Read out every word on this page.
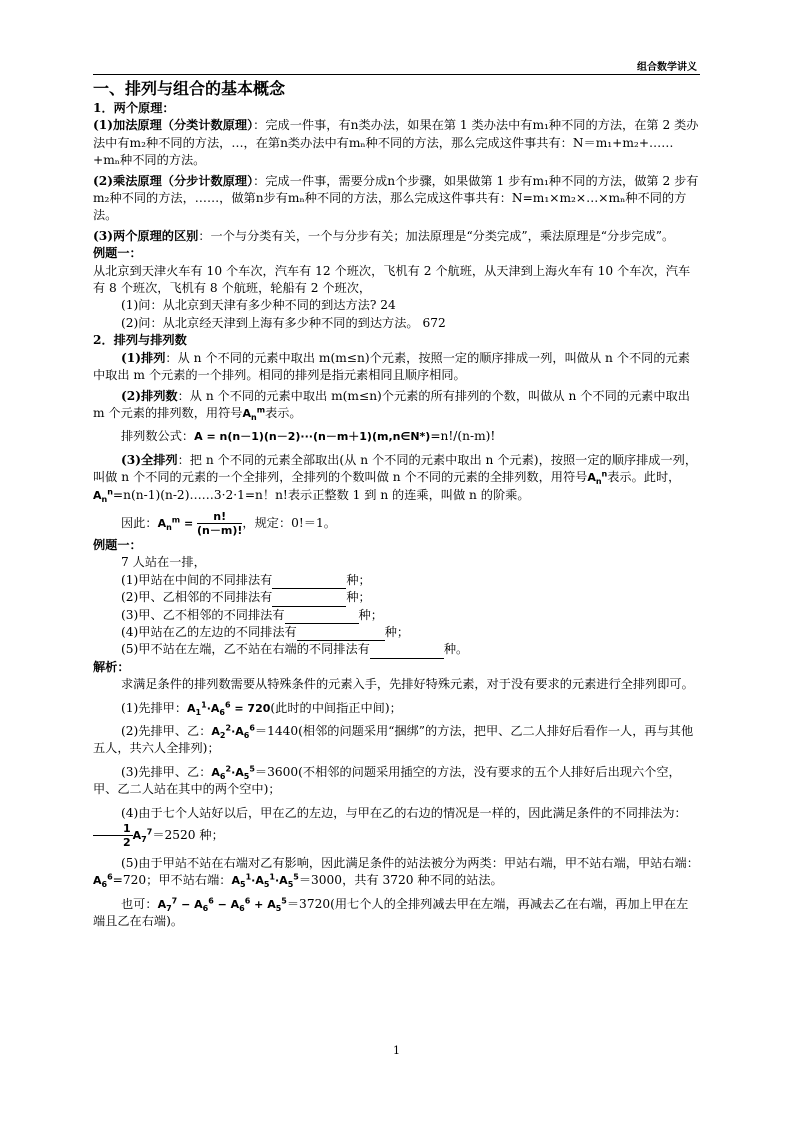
组合数学讲义

一、排列与组合的基本概念

1．两个原理：

(1)加法原理（分类计数原理）：完成一件事，有n类办法，如果在第 1 类办法中有m₁种不同的方法，在第 2 类办法中有m₂种不同的方法，…，在第n类办法中有mₙ种不同的方法，那么完成这件事共有：N＝m₁+m₂+……+mₙ种不同的方法。

(2)乘法原理（分步计数原理）：完成一件事，需要分成n个步骤，如果做第 1 步有m₁种不同的方法，做第 2 步有m₂种不同的方法，……，做第n步有mₙ种不同的方法，那么完成这件事共有：N=m₁×m₂×…×mₙ种不同的方法。

(3)两个原理的区别：一个与分类有关，一个与分步有关；加法原理是“分类完成”，乘法原理是“分步完成”。

例题一：

从北京到天津火车有 10 个车次，汽车有 12 个班次，飞机有 2 个航班，从天津到上海火车有 10 个车次，汽车有 8 个班次，飞机有 8 个航班，轮船有 2 个班次，

(1)问：从北京到天津有多少种不同的到达方法? 24

(2)问：从北京经天津到上海有多少种不同的到达方法。 672

2．排列与排列数

(1)排列：从 n 个不同的元素中取出 m(m≤n)个元素，按照一定的顺序排成一列，叫做从 n 个不同的元素中取出 m 个元素的一个排列。相同的排列是指元素相同且顺序相同。

(2)排列数：从 n 个不同的元素中取出 m(m≤n)个元素的所有排列的个数，叫做从 n 个不同的元素中取出 m 个元素的排列数，用符号$A_n^m$表示。

排列数公式：A = n(n－1)(n－2)···(n－m＋1)(m,n∈N*)=n!/(n-m)!

(3)全排列：把 n 个不同的元素全部取出(从 n 个不同的元素中取出 n 个元素)，按照一定的顺序排成一列，叫做 n 个不同的元素的一个全排列，全排列的个数叫做 n 个不同的元素的全排列数，用符号$A_n^n$表示。此时，$A_n^n=n(n-1)(n-2)\dots\dots 3\cdot 2\cdot 1=n$！n!表示正整数 1 到 n 的连乘，叫做 n 的阶乘。

因此：$A_n^m = \frac{n!}{(n-m)!}$ ，规定：0!＝1。

例题一：

7 人站在一排，

(1)甲站在中间的不同排法有	种；

(2)甲、乙相邻的不同排法有	种；

(3)甲、乙不相邻的不同排法有	种；

(4)甲站在乙的左边的不同排法有	种；

(5)甲不站在左端，乙不站在右端的不同排法有	种。

解析：

求满足条件的排列数需要从特殊条件的元素入手，先排好特殊元素，对于没有要求的元素进行全排列即可。

(1)先排甲：$A_1^1\cdot A_6^6 = 720$(此时的中间指正中间)；

(2)先排甲、乙：$A_2^2\cdot A_6^6=1440$(相邻的问题采用“捆绑”的方法，把甲、乙二人排好后看作一人，再与其他五人，共六人全排列)；

(3)先排甲、乙：$A_6^2\cdot A_5^5=3600$(不相邻的问题采用插空的方法，没有要求的五个人排好后出现六个空，甲、乙二人站在其中的两个空中)；

(4)由于七个人站好以后，甲在乙的左边，与甲在乙的右边的情况是一样的，因此满足条件的不同排法为：
$\frac{1}{2} A_7^7=2520$ 种；

(5)由于甲站不站在右端对乙有影响，因此满足条件的站法被分为两类：甲站右端，甲不站右端，甲站右端：$A_6^6=720$；甲不站右端：$A_5^1\cdot A_5^1\cdot A_5^5=3000$，共有 3720 种不同的站法。

也可：$A_7^7 - A_6^6 - A_6^6 + A_5^5=3720$(用七个人的全排列减去甲在左端，再减去乙在右端，再加上甲在左端且乙在右端)。

1
